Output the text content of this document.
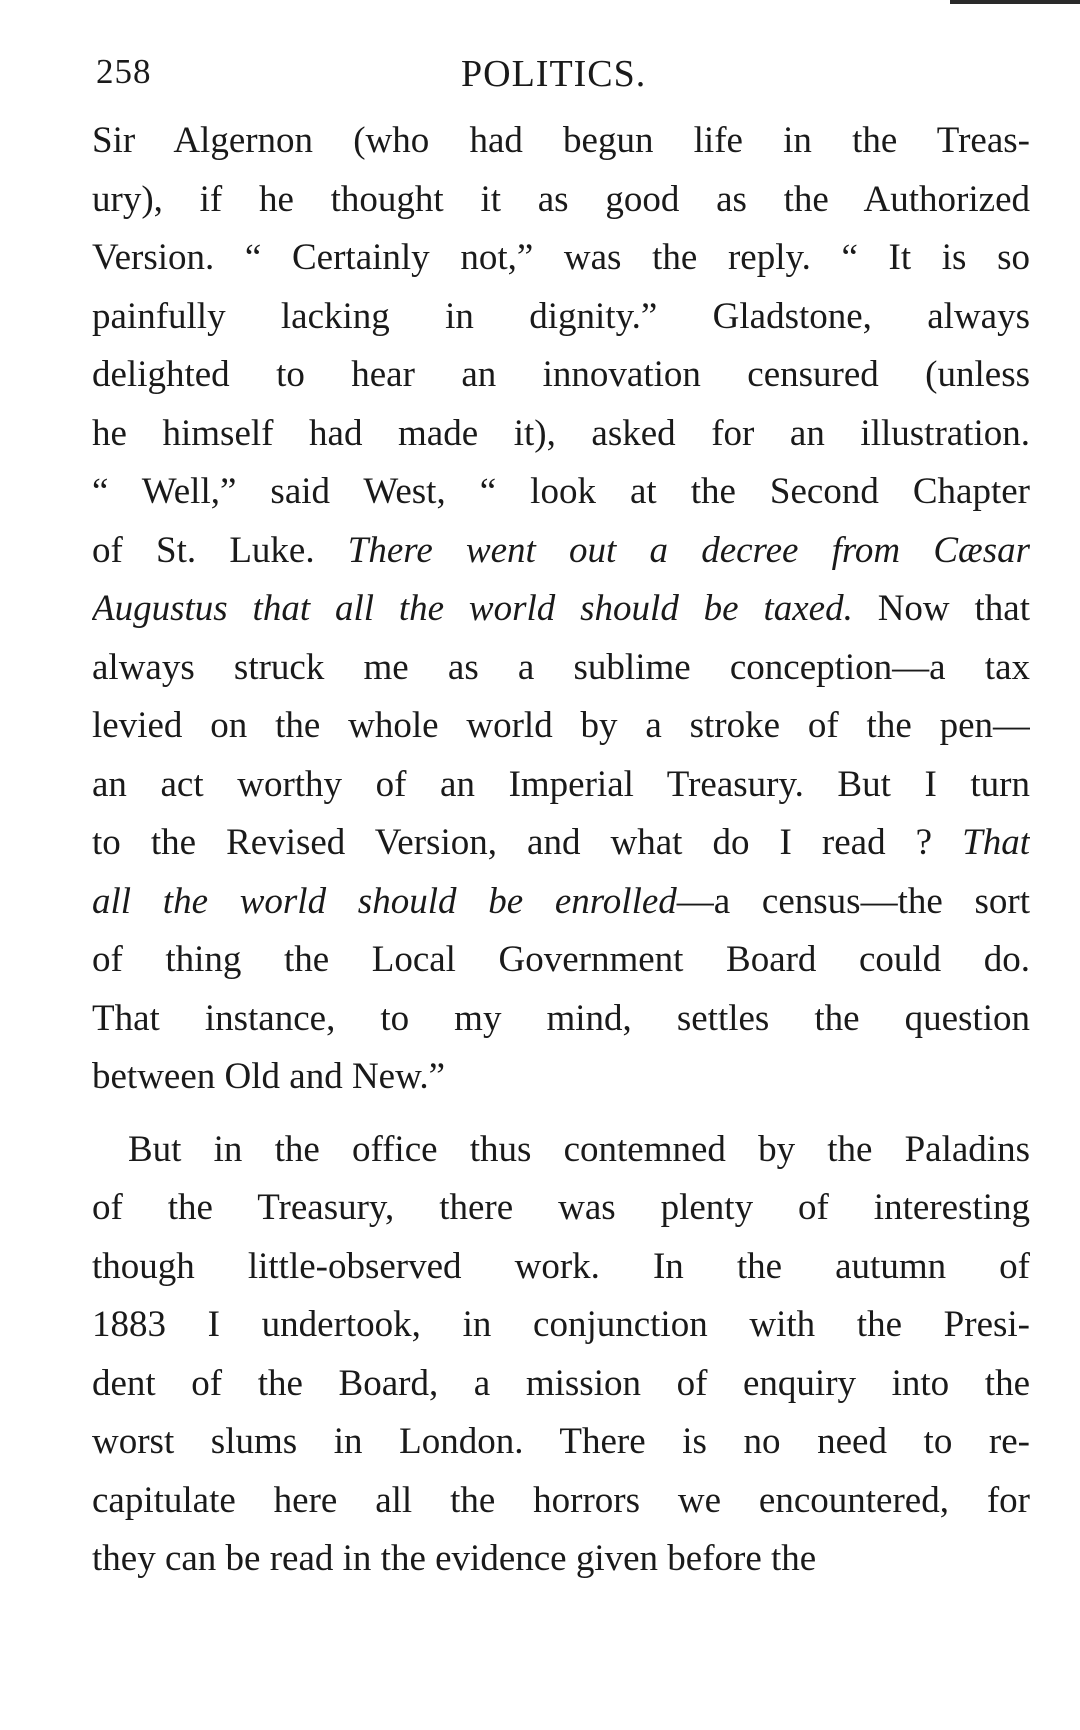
258	POLITICS.
Sir Algernon (who had begun life in the Treas-
ury), if he thought it as good as the Authorized
Version. “ Certainly not,” was the reply. “ It is so
painfully lacking in dignity.” Gladstone, always
delighted to hear an innovation censured (unless
he himself had made it), asked for an illustration.
“ Well,” said West, “ look at the Second Chapter
of St. Luke. There went out a decree from Cæsar
Augustus that all the world should be taxed. Now that
always struck me as a sublime conception—a tax
levied on the whole world by a stroke of the pen—
an act worthy of an Imperial Treasury. But I turn
to the Revised Version, and what do I read ? That
all the world should be enrolled—a census—the sort
of thing the Local Government Board could do.
That instance, to my mind, settles the question
between Old and New.”
But in the office thus contemned by the Paladins
of the Treasury, there was plenty of interesting
though little-observed work. In the autumn of
1883 I undertook, in conjunction with the Presi-
dent of the Board, a mission of enquiry into the
worst slums in London. There is no need to re-
capitulate here all the horrors we encountered, for
they can be read in the evidence given before the
